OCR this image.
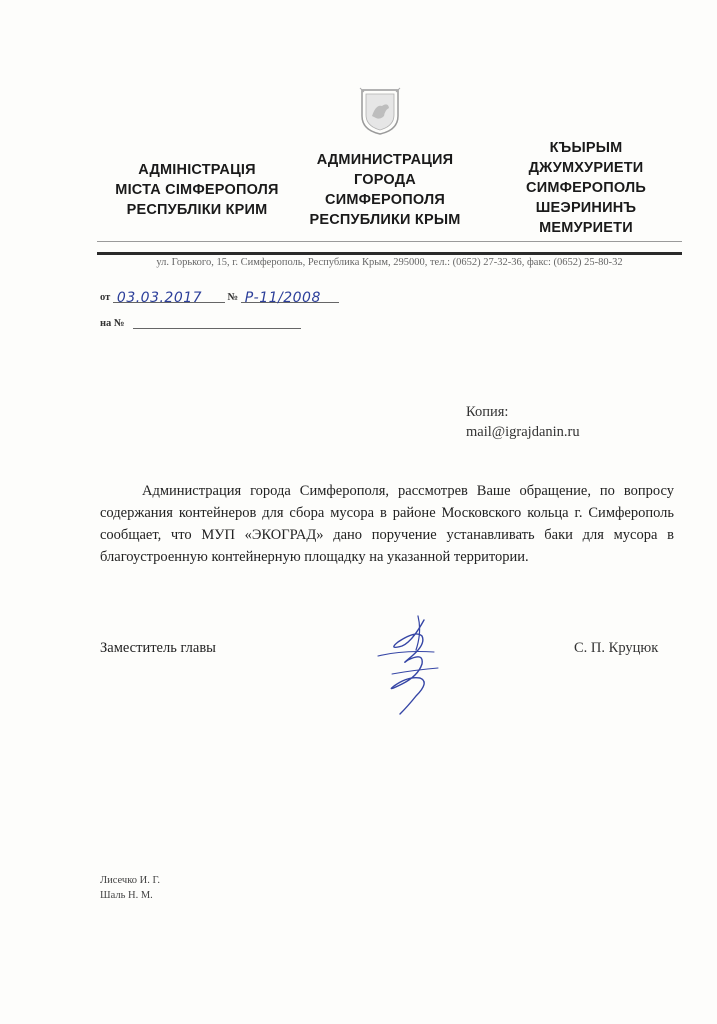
АДМІНІСТРАЦІЯ
МІСТА СІМФЕРОПОЛЯ
РЕСПУБЛІКИ КРИМ
АДМИНИСТРАЦИЯ
ГОРОДА
СИМФЕРОПОЛЯ
РЕСПУБЛИКИ КРЫМ
КЪЫРЫМ
ДЖУМХУРИЕТИ
СИМФЕРОПОЛЬ
ШЕЭРИНИНЪ
МЕМУРИЕТИ
ул. Горького, 15, г. Симферополь, Республика Крым, 295000, тел.: (0652) 27-32-36, факс: (0652) 25-80-32
от 03.03.2017 № Р-11/2008
на №
Копия:
mail@igrajdanin.ru
Администрация города Симферополя, рассмотрев Ваше обращение, по вопросу содержания контейнеров для сбора мусора в районе Московского кольца г. Симферополь сообщает, что МУП «ЭКОГРАД» дано поручение устанавливать баки для мусора в благоустроенную контейнерную площадку на указанной территории.
Заместитель главы	С. П. Круцюк
Лисечко И. Г.
Шаль Н. М.
